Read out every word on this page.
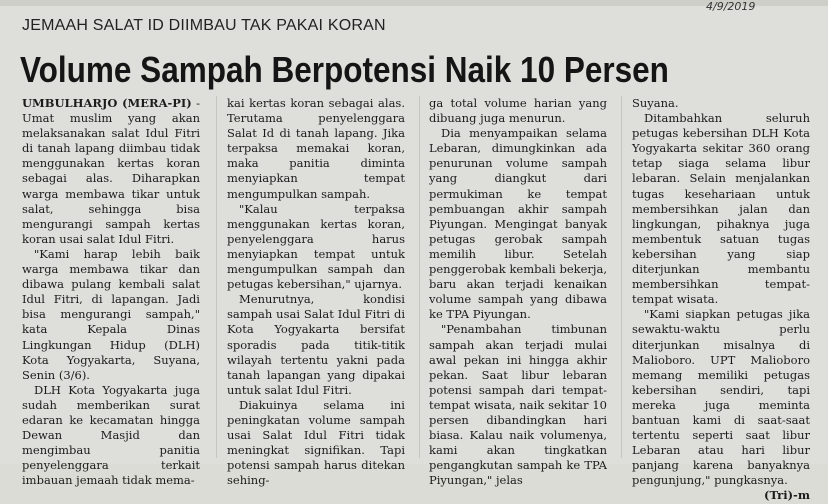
4/9/2019
JEMAAH SALAT ID DIIMBAU TAK PAKAI KORAN
Volume Sampah Berpotensi Naik 10 Persen

UMBULHARJO (MERA-PI) - Umat muslim yang akan melaksanakan salat Idul Fitri di tanah lapang diimbau tidak menggunakan kertas koran sebagai alas. Diharapkan warga membawa tikar untuk salat, sehingga bisa mengurangi sampah kertas koran usai salat Idul Fitri.

"Kami harap lebih baik warga membawa tikar dan dibawa pulang kembali salat Idul Fitri, di lapangan. Jadi bisa mengurangi sampah," kata Kepala Dinas Lingkungan Hidup (DLH) Kota Yogyakarta, Suyana, Senin (3/6).

DLH Kota Yogyakarta juga sudah memberikan surat edaran ke kecamatan hingga Dewan Masjid dan mengimbau panitia penyelenggara terkait imbauan jemaah tidak mema-

kai kertas koran sebagai alas. Terutama penyelenggara Salat Id di tanah lapang. Jika terpaksa memakai koran, maka panitia diminta menyiapkan tempat mengumpulkan sampah.

"Kalau terpaksa menggunakan kertas koran, penyelenggara harus menyiapkan tempat untuk mengumpulkan sampah dan petugas kebersihan," ujarnya.

Menurutnya, kondisi sampah usai Salat Idul Fitri di Kota Yogyakarta bersifat sporadis pada titik-titik wilayah tertentu yakni pada tanah lapangan yang dipakai untuk salat Idul Fitri.

Diakuinya selama ini peningkatan volume sampah usai Salat Idul Fitri tidak meningkat signifikan. Tapi potensi sampah harus ditekan sehing-

ga total volume harian yang dibuang juga menurun.

Dia menyampaikan selama Lebaran, dimungkinkan ada penurunan volume sampah yang diangkut dari permukiman ke tempat pembuangan akhir sampah Piyungan. Mengingat banyak petugas gerobak sampah memilih libur. Setelah penggerobak kembali bekerja, baru akan terjadi kenaikan volume sampah yang dibawa ke TPA Piyungan.

"Penambahan timbunan sampah akan terjadi mulai awal pekan ini hingga akhir pekan. Saat libur lebaran potensi sampah dari tempat-tempat wisata, naik sekitar 10 persen dibandingkan hari biasa. Kalau naik volumenya, kami akan tingkatkan pengangkutan sampah ke TPA Piyungan," jelas

Suyana.

Ditambahkan seluruh petugas kebersihan DLH Kota Yogyakarta sekitar 360 orang tetap siaga selama libur lebaran. Selain menjalankan tugas kesehariaan untuk membersihkan jalan dan lingkungan, pihaknya juga membentuk satuan tugas kebersihan yang siap diterjunkan membantu membersihkan tempat- tempat wisata.

"Kami siapkan petugas jika sewaktu-waktu perlu diterjunkan misalnya di Malioboro. UPT Malioboro memang memiliki petugas kebersihan sendiri, tapi mereka juga meminta bantuan kami di saat-saat tertentu seperti saat libur Lebaran atau hari libur panjang karena banyaknya pengunjung," pungkasnya.

(Tri)-m
